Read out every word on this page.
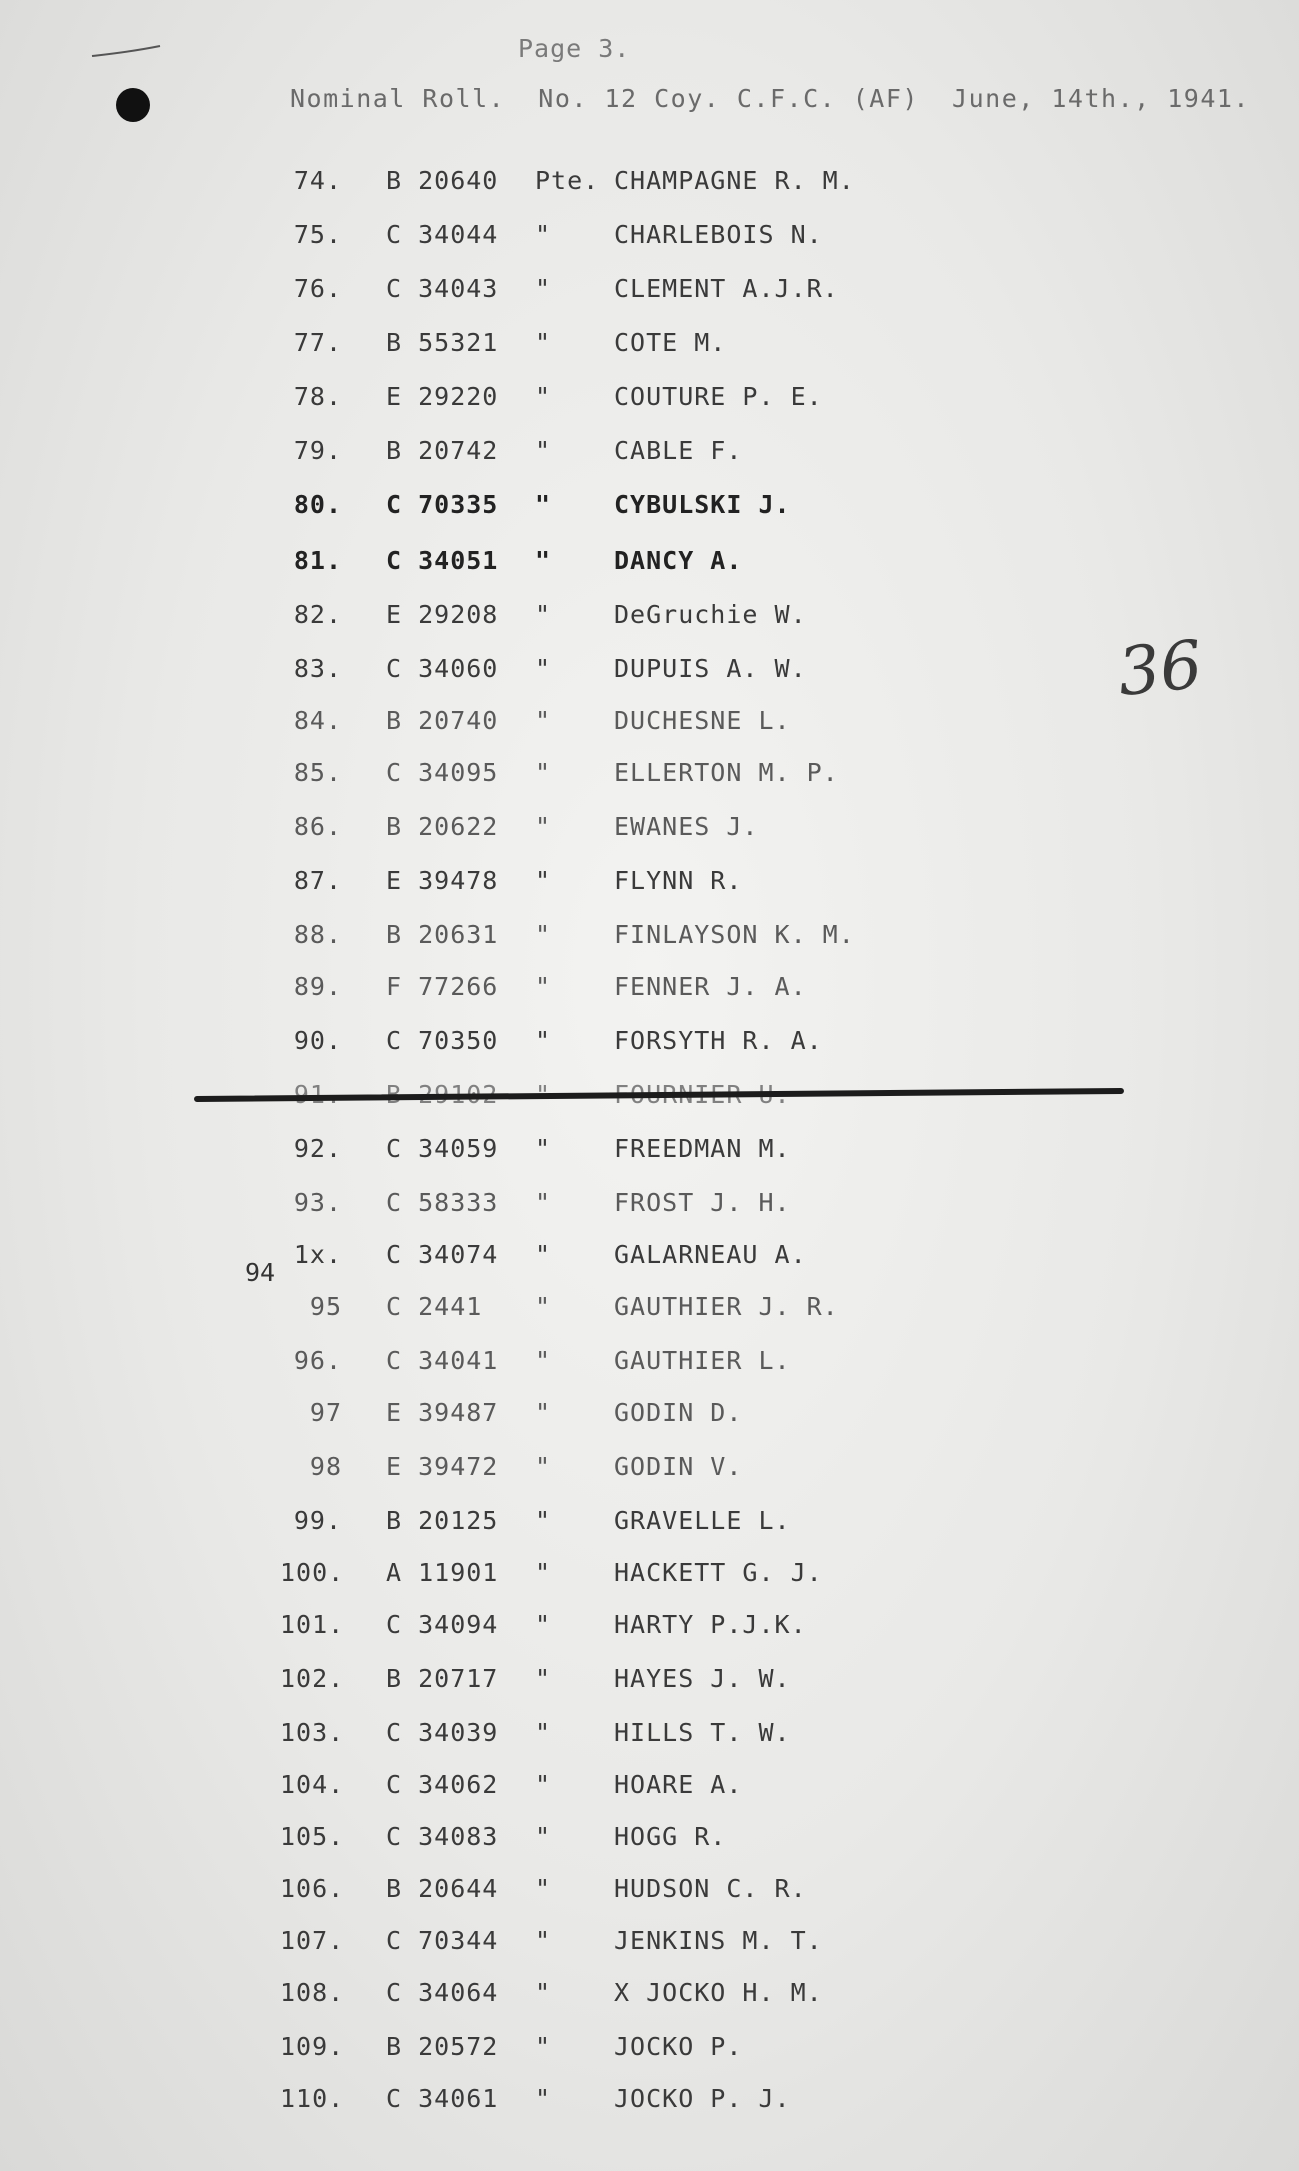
Page 3.
Nominal Roll.  No. 12 Coy. C.F.C. (AF)  June, 14th., 1941.
36
74. B 20640 Pte. CHAMPAGNE R. M.
75. C 34044 "	CHARLEBOIS N.
76. C 34043 "	CLEMENT A.J.R.
77. B 55321 "	COTE M.
78. E 29220 "	COUTURE P. E.
79. B 20742 "	CABLE F.
80. C 70335 "	CYBULSKI J.
81. C 34051 "	DANCY A.
82. E 29208 "	DeGruchie W.
83. C 34060 "	DUPUIS A. W.
84. B 20740 "	DUCHESNE L.
85. C 34095 "	ELLERTON M. P.
86. B 20622 "	EWANES J.
87. E 39478 "	FLYNN R.
88. B 20631 "	FINLAYSON K. M.
89. F 77266 "	FENNER J. A.
90. C 70350 "	FORSYTH R. A.
92. C 34059 "	FREEDMAN M.
93. C 58333 "	FROST J. H.
1x. C 34074 "	GALARNEAU A.
95 C 2441 "	GAUTHIER J. R.
96. C 34041 "	GAUTHIER L.
97 E 39487 "	GODIN D.
98 E 39472 "	GODIN V.
99. B 20125 "	GRAVELLE L.
100. A 11901 "	HACKETT G. J.
101. C 34094 "	HARTY P.J.K.
102. B 20717 "	HAYES J. W.
103. C 34039 "	HILLS T. W.
104. C 34062 "	HOARE A.
105. C 34083 "	HOGG R.
106. B 20644 "	HUDSON C. R.
107. C 70344 "	JENKINS M. T.
108. C 34064 "	X JOCKO H. M.
109. B 20572 "	JOCKO P.
110. C 34061 "	JOCKO P. J.
94
